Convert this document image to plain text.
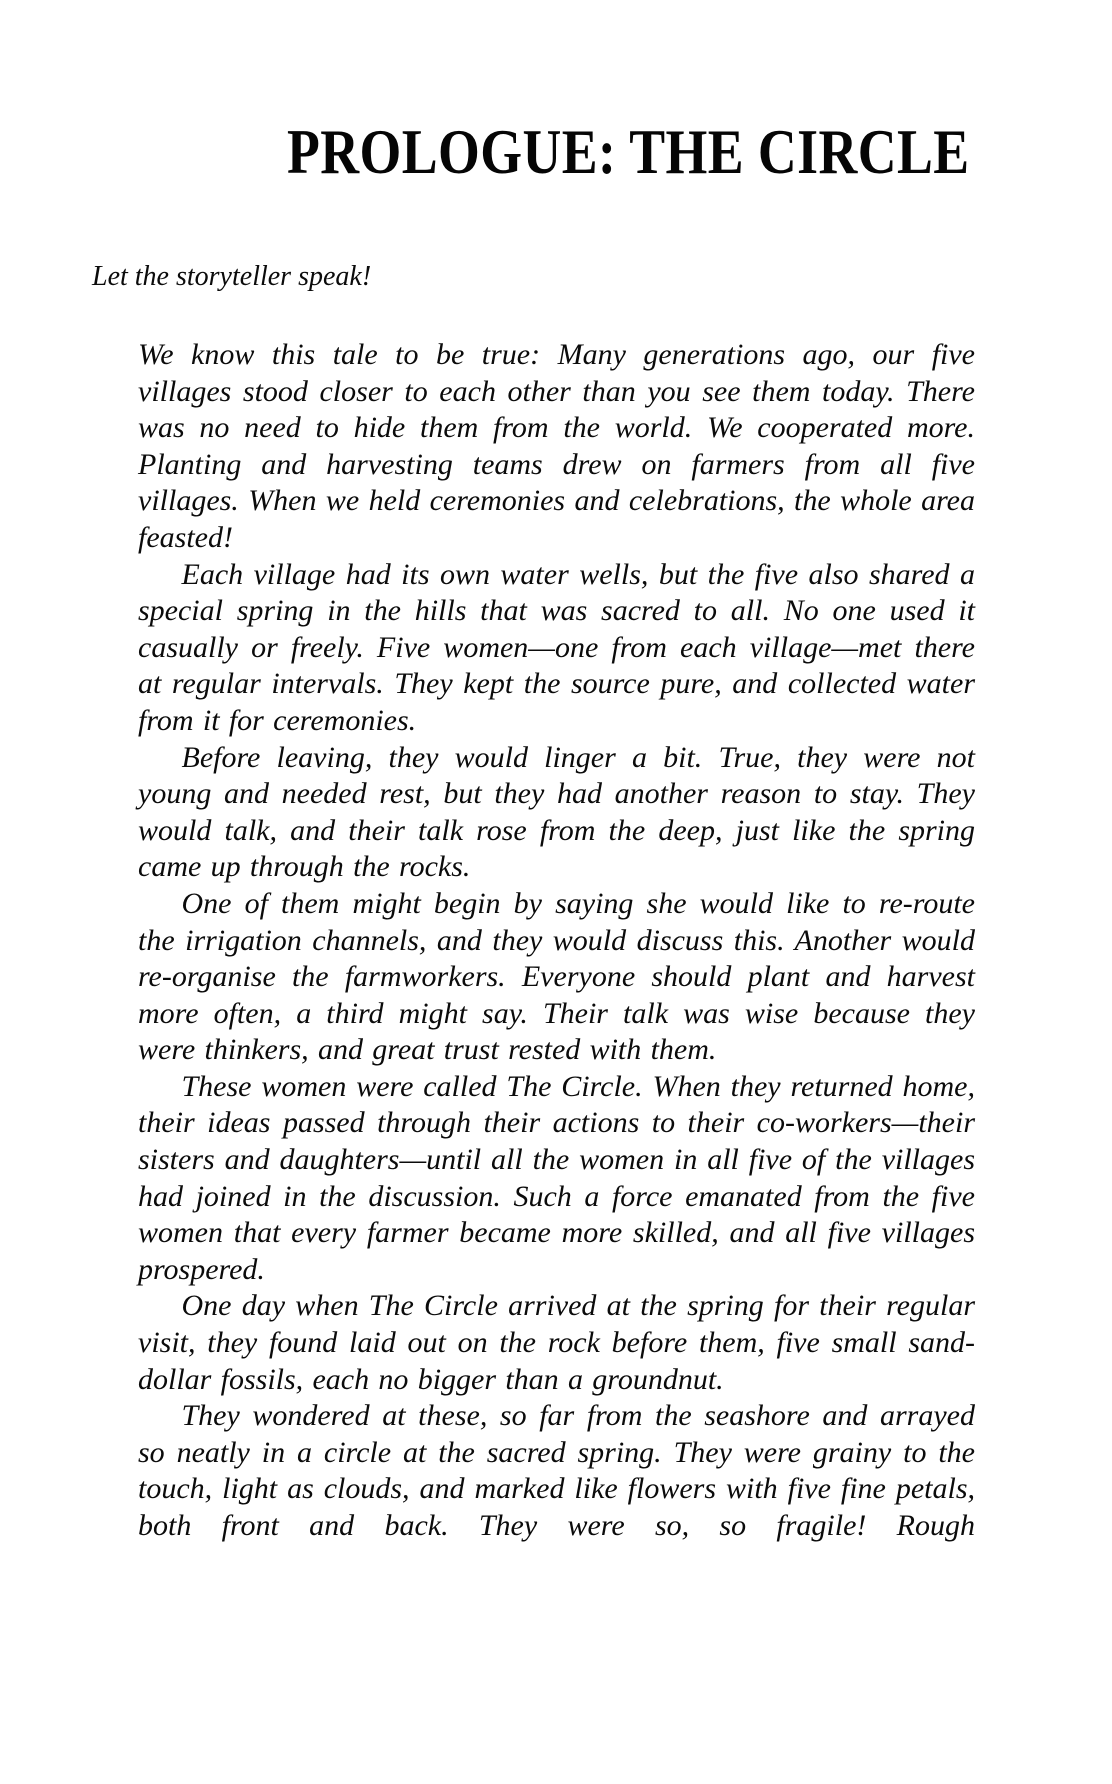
PROLOGUE: THE CIRCLE

Let the storyteller speak!

We know this tale to be true: Many generations ago, our five villages stood closer to each other than you see them today. There was no need to hide them from the world. We cooperated more. Planting and harvesting teams drew on farmers from all five villages. When we held ceremonies and celebrations, the whole area feasted!

Each village had its own water wells, but the five also shared a special spring in the hills that was sacred to all. No one used it casually or freely. Five women—one from each village—met there at regular intervals. They kept the source pure, and collected water from it for ceremonies.

Before leaving, they would linger a bit. True, they were not young and needed rest, but they had another reason to stay. They would talk, and their talk rose from the deep, just like the spring came up through the rocks.

One of them might begin by saying she would like to re-route the irrigation channels, and they would discuss this. Another would re-organise the farmworkers. Everyone should plant and harvest more often, a third might say. Their talk was wise because they were thinkers, and great trust rested with them.

These women were called The Circle. When they returned home, their ideas passed through their actions to their co-workers—their sisters and daughters—until all the women in all five of the villages had joined in the discussion. Such a force emanated from the five women that every farmer became more skilled, and all five villages prospered.

One day when The Circle arrived at the spring for their regular visit, they found laid out on the rock before them, five small sand-dollar fossils, each no bigger than a groundnut.

They wondered at these, so far from the seashore and arrayed so neatly in a circle at the sacred spring. They were grainy to the touch, light as clouds, and marked like flowers with five fine petals, both front and back. They were so, so fragile! Rough
